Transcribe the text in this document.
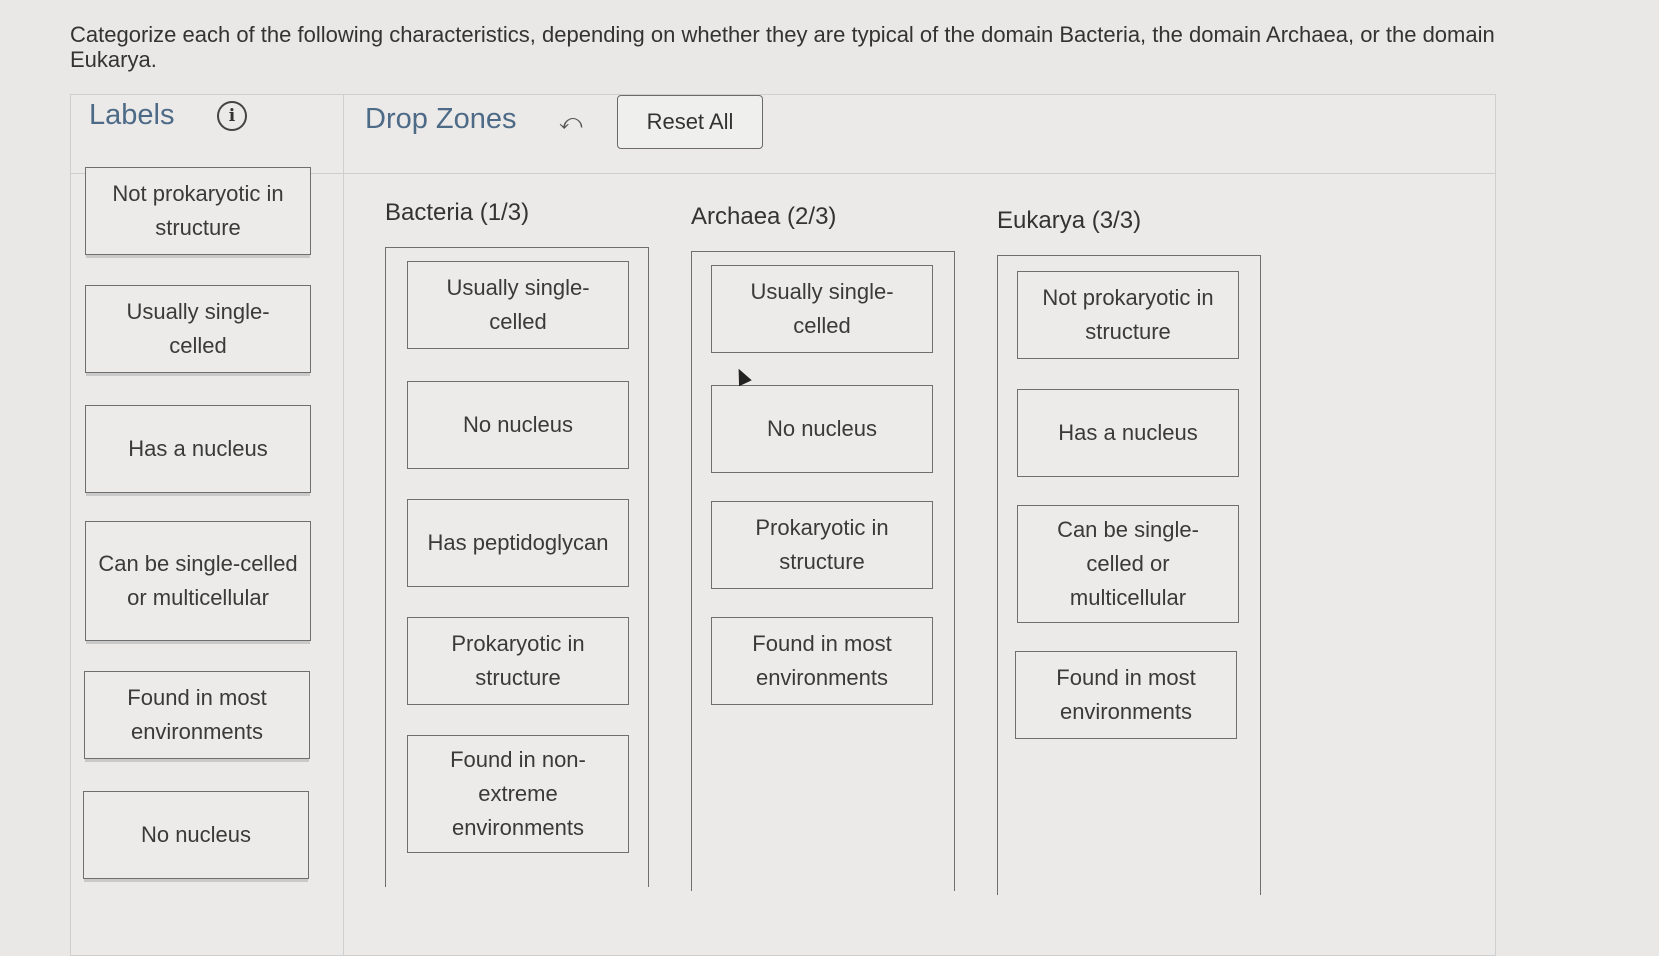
Categorize each of the following characteristics, depending on whether they are typical of the domain Bacteria, the domain Archaea, or the domain Eukarya.
Labels	i	Drop Zones ⤺	Reset All
Not prokaryotic in structure
Usually single-celled
Has a nucleus
Can be single-celled or multicellular
Found in most environments
No nucleus
Bacteria (1/3)
Usually single-celled
No nucleus
Has peptidoglycan
Prokaryotic in structure
Found in non-extreme environments
Archaea (2/3)
Usually single-celled
No nucleus
Prokaryotic in structure
Found in most environments
Eukarya (3/3)
Not prokaryotic in structure
Has a nucleus
Can be single-celled or multicellular
Found in most environments
